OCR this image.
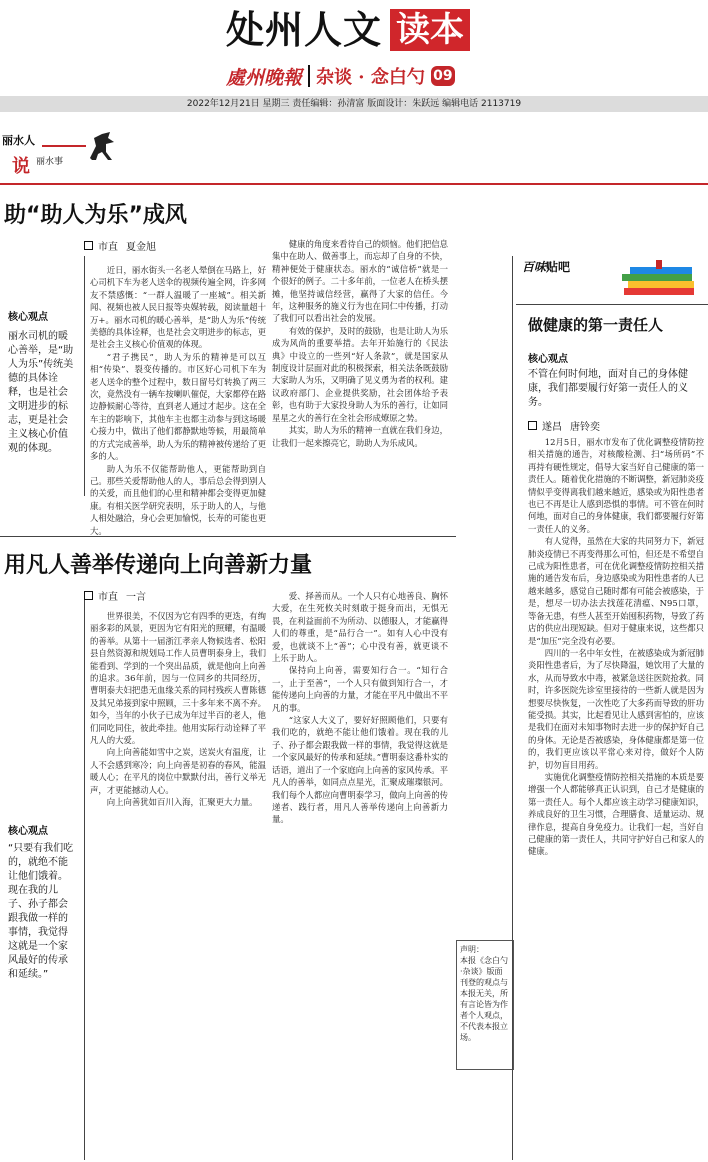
处州人文 读本
處州晚報 杂谈 · 念白勺 09
2022年12月21日 星期三 责任编辑：孙清富 版面设计：朱跃远 编辑电话 2113719
丽水人
说 丽水事
助“助人为乐”成风
市直 夏金旭
核心观点
丽水司机的暖心善举，是“助人为乐”传统美德的具体诠释，也是社会文明进步的标志，更是社会主义核心价值观的体现。

近日，丽水街头一名老人晕倒在马路上，好心司机下车为老人送伞的视频传遍全网，许多网友不禁感慨：“一群人温暖了一座城”。相关新闻、视频也被人民日报等央媒转载，阅读量超十万+。丽水司机的暖心善举，是“助人为乐”传统美德的具体诠释，也是社会文明进步的标志，更是社会主义核心价值观的体现。

“君子携民”，助人为乐的精神是可以互相“传染”、裂变传播的。市区好心司机下车为老人送伞的整个过程中，数日留号灯转换了两三次，竟然没有一辆车按喇叭催促，大家都停在路边静候耐心等待，直到老人通过才起步。这在全车主的影响下，其他车主也都主动参与到这场暖心接力中，做出了他们都静默地等候，用最简单的方式完成善举，助人为乐的精神被传递给了更多的人。

助人为乐不仅能帮助他人，更能帮助到自己。那些关爱帮助他人的人，事后总会得到别人的关爱，而且他们的心里和精神都会变得更加健康。有相关医学研究表明，乐于助人的人，与他人相处融洽，身心会更加愉悦，长寿的可能也更大。

健康的角度来看待自己的烦恼。他们把信息集中在助人、做善事上，而忘却了自身的不快，精神便处于健康状态。丽水的“诚信桥”就是一个很好的例子。二十多年前，一位老人在桥头摆摊，他坚持诚信经营，赢得了大家的信任。今年，这种服务的施义行为也在同仁中传播，打动了我们可以看出社会的发展。

有效的保护，及时的鼓励，也是让助人为乐成为风尚的重要举措。去年开始施行的《民法典》中设立的一些列“好人条款”，就是国家从制度设计层面对此的积极探索，相关法条既鼓励大家助人为乐，又明确了见义勇为者的权利。建议政府部门、企业提供奖励，社会团体给予表彰，也有助于大家投身助人为乐的善行，让如同星星之火的善行在全社会形成燎原之势。

其实，助人为乐的精神一直就在我们身边，让我们一起来擦亮它，助助人为乐成风。

用凡人善举传递向上向善新力量
市直 一言
核心观点
“只要有我们吃的，就绝不能让他们饿着。现在我的儿子、孙子都会跟我做一样的事情，我觉得这就是一个家风最好的传承和延续。”

世界很美，不仅因为它有四季的更迭，有绚丽多彩的风景，更因为它有阳光的照耀，有温暖的善举。从第十一届浙江孝亲人物候选者、松阳县自然资源和规划局工作人员曹明泰身上，我们能看到、学到的一个突出品质，就是他向上向善的追求。36年前，因与一位同乡的共同经历，曹明泰夫妇把患无血缘关系的同村残疾人曹陈德及其兄弟接到家中照顾，三十多年来不离不弃。如今，当年的小伙子已成为年过半百的老人，他们同吃同住，彼此牵挂。他用实际行动诠释了平凡人的大爱。

向上向善能如雪中之炭，送炭火有温度，让人不会感到寒冷；向上向善是初春的春风，能温暖人心；在平凡的岗位中默默付出，善行义举无声，才更能撼动人心。

向上向善犹如百川入海，汇聚更大力量。

爱、择善而从。一个人只有心地善良、胸怀大爱，在生死攸关时刻敢于挺身而出，无惧无畏，在利益面前不为所动、以德服人，才能赢得人们的尊重，是“品行合一”。如有人心中没有爱，也就谈不上“善”；心中没有善，就更谈不上乐于助人。

保持向上向善，需要知行合一。“知行合一，止于至善”，一个人只有做到知行合一，才能传递向上向善的力量，才能在平凡中做出不平凡的事。

“这家人大义了，要好好照顾他们，只要有我们吃的，就绝不能让他们饿着。现在我的儿子、孙子都会跟我做一样的事情，我觉得这就是一个家风最好的传承和延续。”曹明泰这番朴实的话语，道出了一个家庭向上向善的家风传承。平凡人的善举，如同点点星光，汇聚成璀璨银河。我们每个人都应向曹明泰学习，做向上向善的传递者、践行者，用凡人善举传递向上向善新力量。

声明：
本报《念白勺·杂谈》版面刊登的观点与本报无关，所有言论皆为作者个人观点，不代表本报立场。
百味贴吧
做健康的第一责任人
核心观点
不管在何时何地，面对自己的身体健康，我们都要履行好第一责任人的义务。
遂昌 唐铃奕

12月5日，丽水市发布了优化调整疫情防控相关措施的通告，对核酸检测、扫“场所码”不再持有硬性规定，倡导大家当好自己健康的第一责任人。随着优化措施的不断调整，新冠肺炎疫情似乎变得离我们越来越近，感染或为阳性患者也已不再是让人感到恐惧的事情。可不管在何时何地，面对自己的身体健康，我们都要履行好第一责任人的义务。

有人觉得，虽然在大家的共同努力下，新冠肺炎疫情已不再变得那么可怕，但还是不希望自己成为阳性患者，可在优化调整疫情防控相关措施的通告发布后，身边感染或为阳性患者的人已越来越多，感觉自己随时都有可能会被感染，于是，想尽一切办法去找莲花清瘟、N95口罩，等备无患，有些人甚至开始囤积药物，导致了药店的供应出现短缺。但对于健康来说，这些都只是“加压”完全没有必要。

四川的一名中年女性，在被感染成为新冠肺炎阳性患者后，为了尽快降温，她饮用了大量的水，从而导致水中毒，被紧急送往医院抢救。同时，许多医院先诊室里接待的一些新人就是因为想要尽快恢复，一次性吃了大多药而导致的肝功能受损。其实，比起看见让人感到害怕的，应该是我们在面对未知事物时去进一步的保护好自己的身体。无论是否被感染，身体健康都是第一位的，我们更应该以平常心来对待，做好个人防护，切勿盲目用药。

实施优化调整疫情防控相关措施的本质是要增强一个人都能够真正认识到，自己才是健康的第一责任人。每个人都应该主动学习健康知识，养成良好的卫生习惯，合理膳食、适量运动、规律作息，提高自身免疫力。让我们一起，当好自己健康的第一责任人，共同守护好自己和家人的健康。
